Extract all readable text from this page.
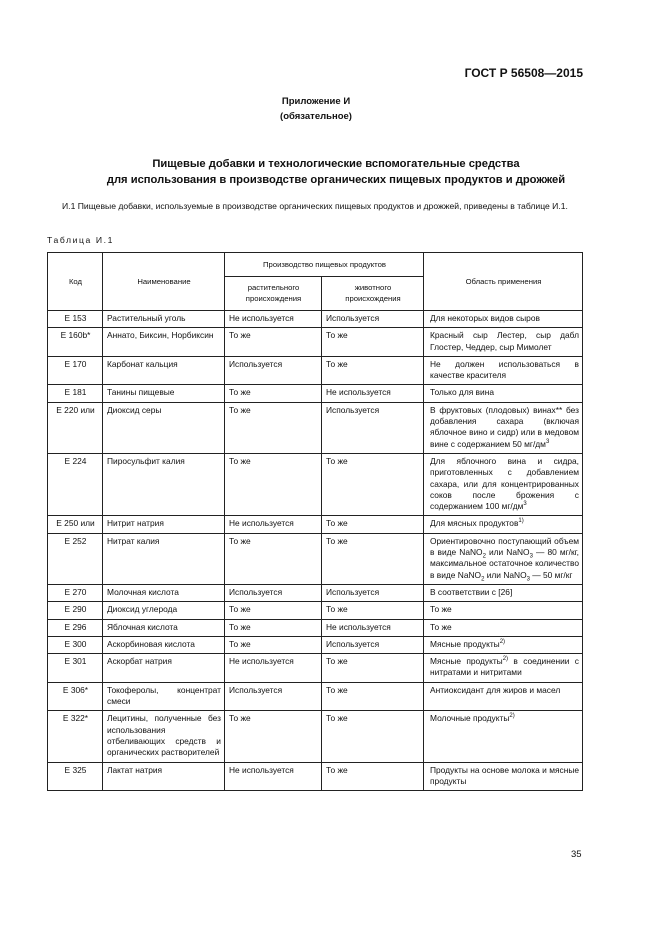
ГОСТ Р 56508—2015
Приложение И
(обязательное)
Пищевые добавки и технологические вспомогательные средства
для использования в производстве органических пищевых продуктов и дрожжей
И.1 Пищевые добавки, используемые в производстве органических пищевых продуктов и дрожжей, приведены в таблице И.1.
Таблица И.1
Код	Наименование	Производство пищевых продуктов		Область применения
		растительного происхождения	животного происхождения	
Е 153	Растительный уголь	Не используется	Используется	Для некоторых видов сыров
Е 160b*	Аннато, Биксин, Норбиксин	То же	То же	Красный сыр Лестер, сыр дабл Глостер, Чеддер, сыр Мимолет
Е 170	Карбонат кальция	Используется	То же	Не должен использоваться в качестве красителя
Е 181	Танины пищевые	То же	Не используется	Только для вина
Е 220 или	Диоксид серы	То же	Используется	В фруктовых (плодовых) винах** без добавления сахара (включая яблочное вино и сидр) или в медовом вине с содержанием 50 $мг/дм^3$
Е 224	Пиросульфит калия	То же	То же	Для яблочного вина и сидра, приготовленных с добавлением сахара, или для концентрированных соков после брожения с содержанием 100 $мг/дм^3$
Е 250 или	Нитрит натрия	Не используется	То же	Для мясных продуктов$^{1)}$
Е 252	Нитрат калия	То же	То же	Ориентировочно поступающий объем в виде NaNO$_2$ или NaNO$_3$ — 80 мг/кг, максимальное остаточное количество в виде NaNO$_2$ или NaNO$_3$ — 50 мг/кг
Е 270	Молочная кислота	Используется	Используется	В соответствии с [26]
Е 290	Диоксид углерода	То же	То же	То же
Е 296	Яблочная кислота	То же	Не используется	То же
Е 300	Аскорбиновая кислота	То же	Используется	Мясные продукты$^{2)}$
Е 301	Аскорбат натрия	Не используется	То же	Мясные продукты$^{2)}$ в соединении с нитратами и нитритами
Е 306*	Токоферолы, концентрат смеси	Используется	То же	Антиоксидант для жиров и масел
Е 322*	Лецитины, полученные без использования отбеливающих средств и органических растворителей	То же	То же	Молочные продукты$^{2)}$
Е 325	Лактат натрия	Не используется	То же	Продукты на основе молока и мясные продукты
35
